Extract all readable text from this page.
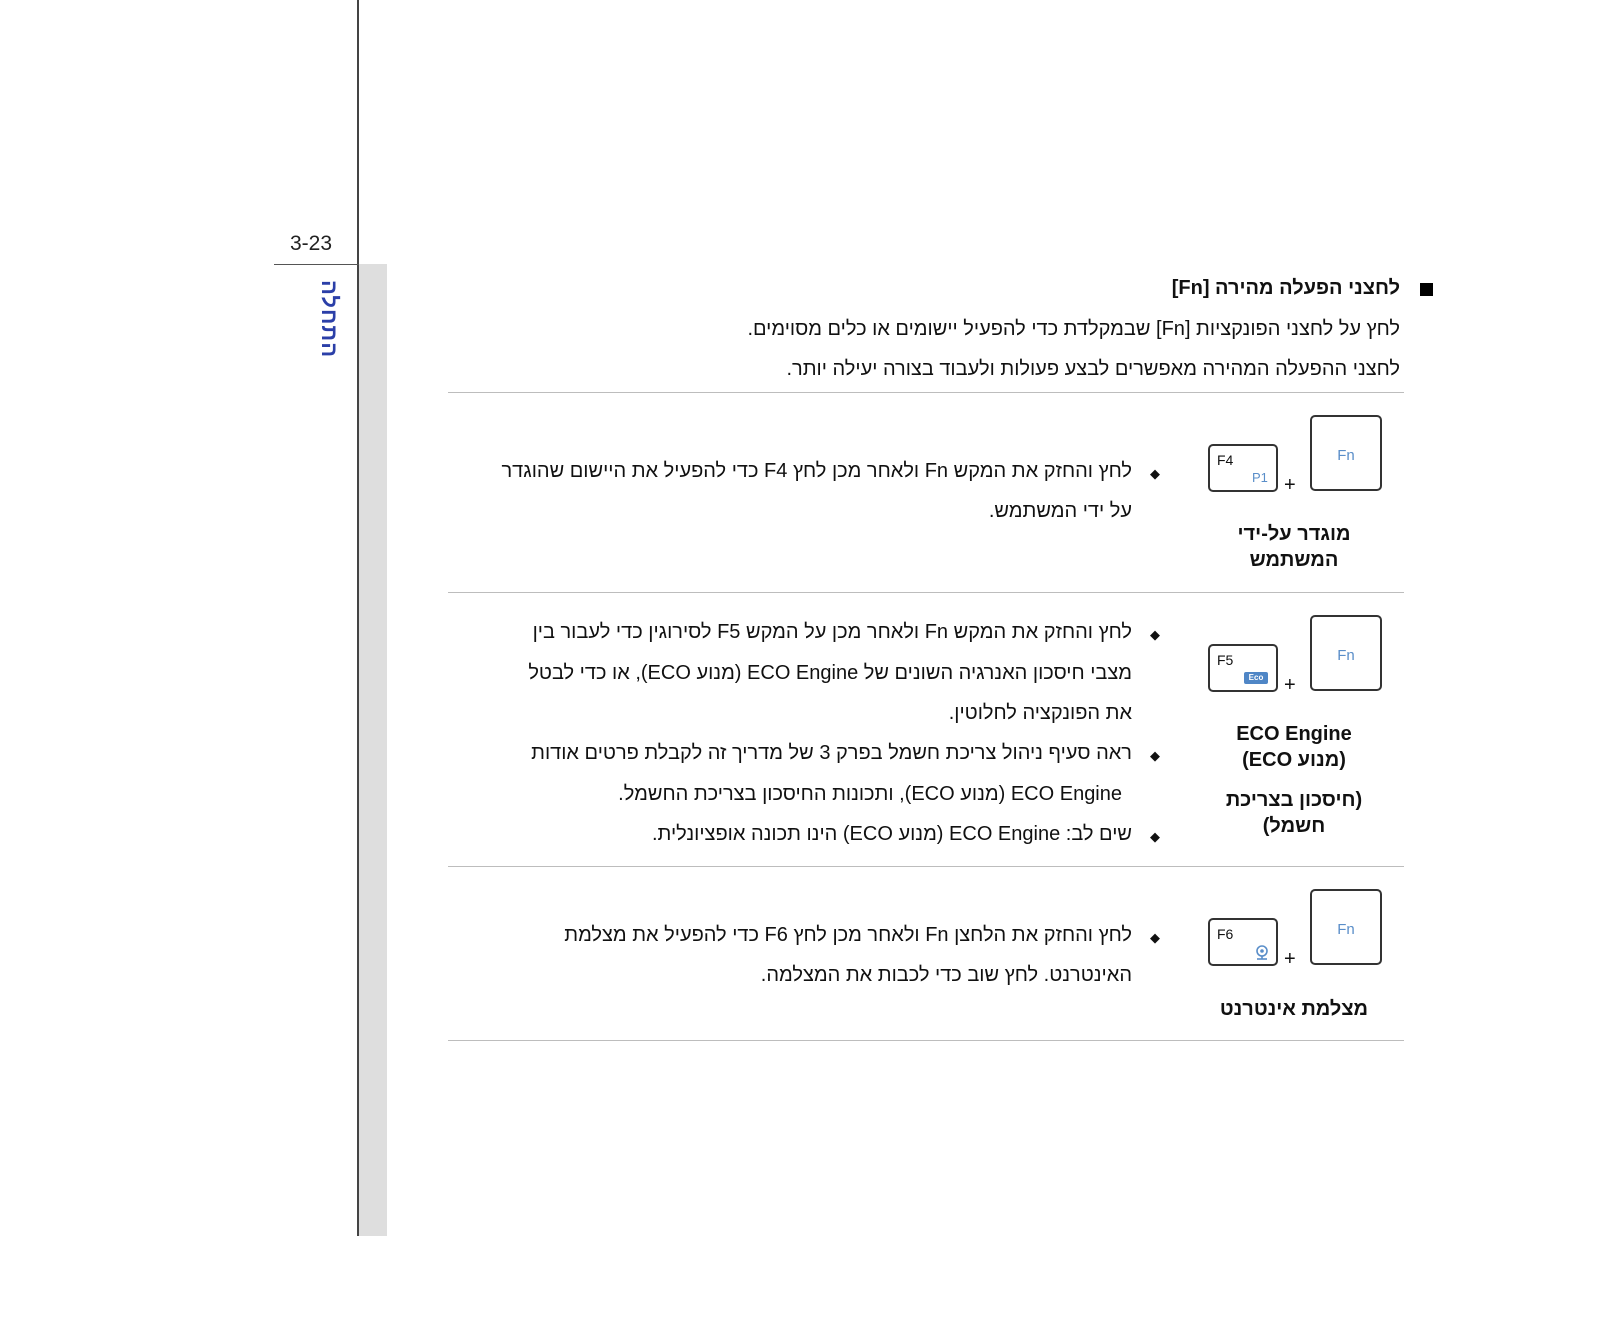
3-23
התחלה	לחצני הפעלה מהירה [Fn]
לחץ על לחצני הפונקציות [Fn] שבמקלדת כדי להפעיל יישומים או כלים מסוימים.
לחצני ההפעלה המהירה מאפשרים לבצע פעולות ולעבוד בצורה יעילה יותר.
F4
P1 +
Fn
מוגדר על-ידי
המשתמש
◆
לחץ והחזק את המקש Fn ולאחר מכן לחץ F4 כדי להפעיל את היישום שהוגדר
על ידי המשתמש.
F5
Eco +
Fn
ECO Engine
(מנוע ECO)
(חיסכון בצריכת
חשמל)
◆
לחץ והחזק את המקש Fn ולאחר מכן על המקש F5 לסירוגין כדי לעבור בין
מצבי חיסכון האנרגיה השונים של ECO Engine (מנוע ECO), או כדי לבטל
את הפונקציה לחלוטין.
◆
ראה סעיף ניהול צריכת חשמל בפרק 3 של מדריך זה לקבלת פרטים אודות
ECO Engine (מנוע ECO), ותכונות החיסכון בצריכת החשמל.
◆
שים לב: ECO Engine (מנוע ECO) הינו תכונה אופציונלית.
F6
+
Fn
מצלמת אינטרנט
◆
לחץ והחזק את הלחצן Fn ולאחר מכן לחץ F6 כדי להפעיל את מצלמת
האינטרנט. לחץ שוב כדי לכבות את המצלמה.
